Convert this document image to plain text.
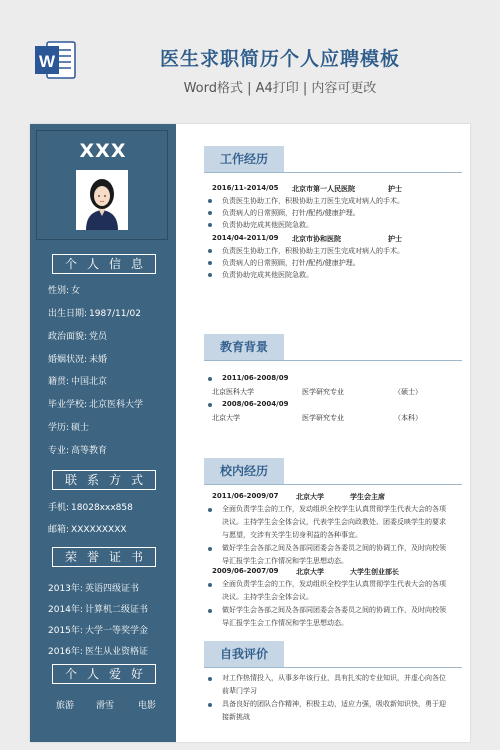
W	医生求职简历个人应聘模板
Word格式 | A4打印 | 内容可更改
XXX
个人信息
性别: 女
出生日期: 1987/11/02
政治面貌: 党员
婚姻状况: 未婚
籍贯: 中国北京
毕业学校: 北京医科大学
学历: 硕士
专业: 高等教育
联系方式
手机: 18028xxx858
邮箱: XXXXXXXXX
荣誉证书
2013年: 英语四级证书
2014年: 计算机二级证书
2015年: 大学一等奖学金
2016年: 医生从业资格证
个人爱好
旅游 滑雪	电影
工作经历
2016/11-2014/05 北京市第一人民医院	护士
负责医生协助工作，积极协助主刀医生完成对病人的手术。
负责病人的日常照顾，打针/配药/健康护理。
负责协助完成其他医院急救。
2014/04-2011/09 北京市协和医院	护士
负责医生协助工作，积极协助主刀医生完成对病人的手术。
负责病人的日常照顾，打针/配药/健康护理。
负责协助完成其他医院急救。
教育背景
2011/06-2008/09
北京医科大学	医学研究专业	（硕士）
2008/06-2004/09
北京大学	医学研究专业	（本科）
校内经历
2011/06-2009/07	北京大学	学生会主席
全面负责学生会的工作，发动组织全校学生认真贯彻学生代表大会的各项决议。主持学生会全体会议，代表学生会向政教处、团委反映学生的要求与愿望，交涉有关学生切身利益的各种事宜。
做好学生会各部之间及各部同团委会各委员之间的协调工作，及时向校领导汇报学生会工作情况和学生思想动态。
2009/06-2007/09	北京大学	大学生创业部长
全面负责学生会的工作，发动组织全校学生认真贯彻学生代表大会的各项决议。主持学生会全体会议。
做好学生会各部之间及各部同团委会各委员之间的协调工作，及时向校领导汇报学生会工作情况和学生思想动态。
自我评价
对工作热情投入，从事多年该行业，具有扎实的专业知识，并虚心向各位前辈门学习
具备良好的团队合作精神，积极主动，适应力强，吸收新知识快，勇于迎接新挑战
